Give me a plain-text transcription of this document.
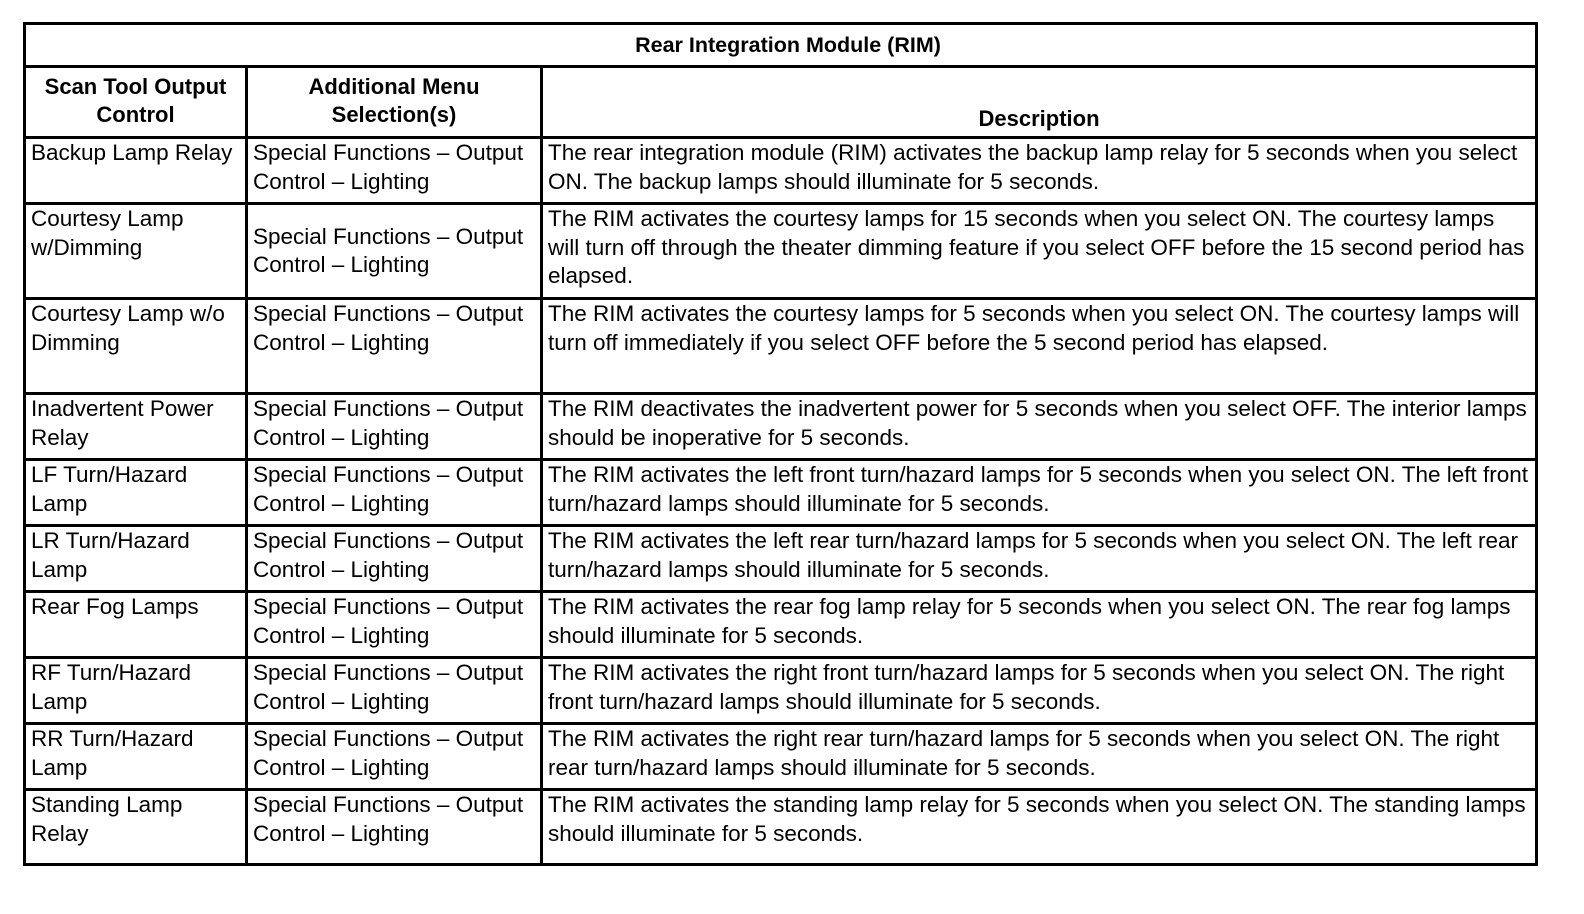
Rear Integration Module (RIM)		
Scan Tool Output Control	Additional Menu Selection(s)	Description
Backup Lamp Relay	Special Functions – Output Control – Lighting	The rear integration module (RIM) activates the backup lamp relay for 5 seconds when you select ON. The backup lamps should illuminate for 5 seconds.
Courtesy Lamp w/Dimming	Special Functions – Output Control – Lighting	The RIM activates the courtesy lamps for 15 seconds when you select ON. The courtesy lamps will turn off through the theater dimming feature if you select OFF before the 15 second period has elapsed.
Courtesy Lamp w/o Dimming	Special Functions – Output Control – Lighting	The RIM activates the courtesy lamps for 5 seconds when you select ON. The courtesy lamps will turn off immediately if you select OFF before the 5 second period has elapsed.
Inadvertent Power Relay	Special Functions – Output Control – Lighting	The RIM deactivates the inadvertent power for 5 seconds when you select OFF. The interior lamps should be inoperative for 5 seconds.
LF Turn/Hazard Lamp	Special Functions – Output Control – Lighting	The RIM activates the left front turn/hazard lamps for 5 seconds when you select ON. The left front turn/hazard lamps should illuminate for 5 seconds.
LR Turn/Hazard Lamp	Special Functions – Output Control – Lighting	The RIM activates the left rear turn/hazard lamps for 5 seconds when you select ON. The left rear turn/hazard lamps should illuminate for 5 seconds.
Rear Fog Lamps	Special Functions – Output Control – Lighting	The RIM activates the rear fog lamp relay for 5 seconds when you select ON. The rear fog lamps should illuminate for 5 seconds.
RF Turn/Hazard Lamp	Special Functions – Output Control – Lighting	The RIM activates the right front turn/hazard lamps for 5 seconds when you select ON. The right front turn/hazard lamps should illuminate for 5 seconds.
RR Turn/Hazard Lamp	Special Functions – Output Control – Lighting	The RIM activates the right rear turn/hazard lamps for 5 seconds when you select ON. The right rear turn/hazard lamps should illuminate for 5 seconds.
Standing Lamp Relay	Special Functions – Output Control – Lighting	The RIM activates the standing lamp relay for 5 seconds when you select ON. The standing lamps should illuminate for 5 seconds.
